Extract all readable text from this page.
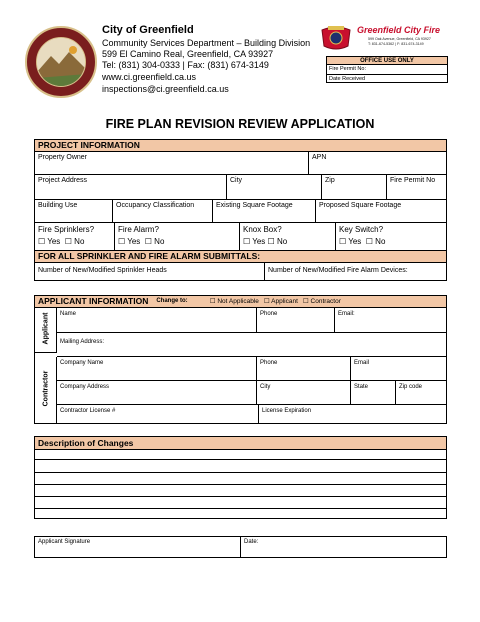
City of Greenfield
Community Services Department – Building Division
599 El Camino Real, Greenfield, CA 93927
Tel: (831) 304-0333 | Fax: (831) 674-3149
www.ci.greenfield.ca.us
inspections@ci.greenfield.ca.us
Greenfield City Fire
599 Oak Avenue, Greenfield, CA 93927
T: 831-674-5362 | F: 831-674-3149
OFFICE USE ONLY
Fire Permit No:
Date Received
FIRE PLAN REVISION REVIEW APPLICATION
PROJECT INFORMATION
Property Owner	APN
Project Address	City	Zip	Fire Permit No
Building Use	Occupancy Classification	Existing Square Footage	Proposed Square Footage
Fire Sprinklers?
☐ Yes ☐ No
Fire Alarm?
☐ Yes ☐ No
Knox Box?
☐ Yes ☐ No
Key Switch?
☐ Yes ☐ No
FOR ALL SPRINKLER AND FIRE ALARM SUBMITTALS:
Number of New/Modified Sprinkler Heads	Number of New/Modified Fire Alarm Devices:
APPLICANT INFORMATION Change to:	☐ Not Applicable ☐ Applicant ☐ Contractor
Applicant	Name	Phone	Email:
Mailing Address:
Contractor
Company Name	Phone	Email
Company Address	City	State	Zip code
Contractor License #	License Expiration
Description of Changes
Applicant Signature	Date:
